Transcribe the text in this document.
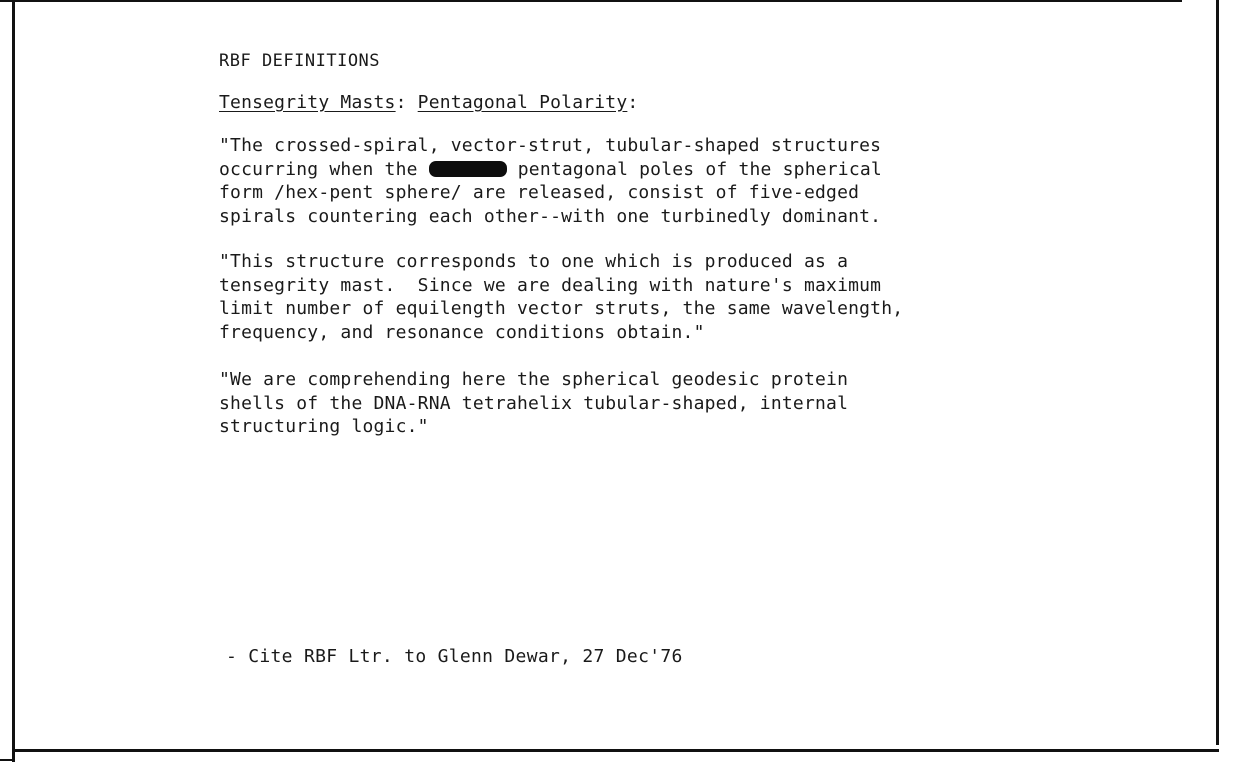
RBF DEFINITIONS
Tensegrity Masts: Pentagonal Polarity:
"The crossed-spiral, vector-strut, tubular-shaped structures
occurring when the	pentagonal poles of the spherical
form /hex-pent sphere/ are released, consist of five-edged
spirals countering each other--with one turbinedly dominant.
"This structure corresponds to one which is produced as a
tensegrity mast.  Since we are dealing with nature's maximum
limit number of equilength vector struts, the same wavelength,
frequency, and resonance conditions obtain."
"We are comprehending here the spherical geodesic protein
shells of the DNA-RNA tetrahelix tubular-shaped, internal
structuring logic."
- Cite RBF Ltr. to Glenn Dewar, 27 Dec'76
